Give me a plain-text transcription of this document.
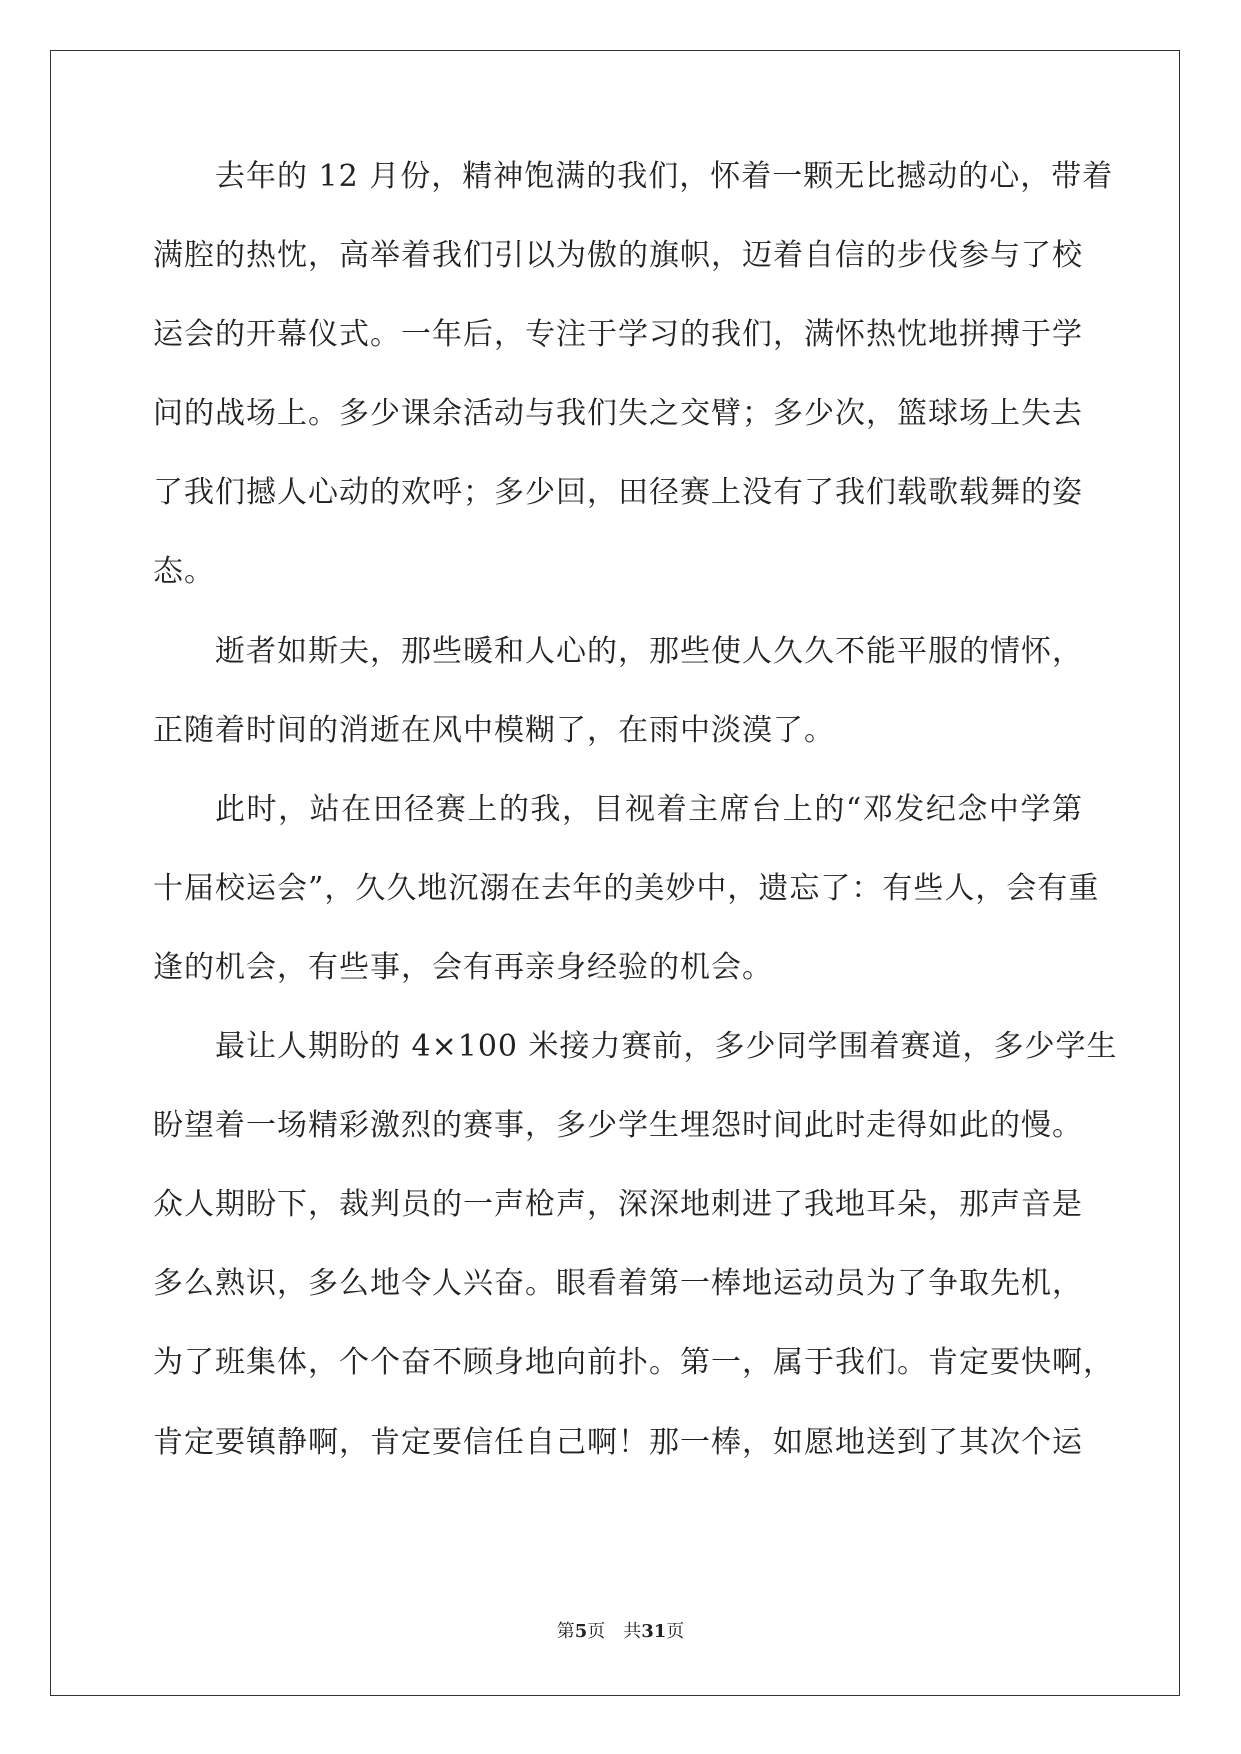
去年的 12 月份，精神饱满的我们，怀着一颗无比撼动的心，带着
满腔的热忱，高举着我们引以为傲的旗帜，迈着自信的步伐参与了校
运会的开幕仪式。一年后，专注于学习的我们，满怀热忱地拼搏于学
问的战场上。多少课余活动与我们失之交臂；多少次，篮球场上失去
了我们撼人心动的欢呼；多少回，田径赛上没有了我们载歌载舞的姿
态。
逝者如斯夫，那些暖和人心的，那些使人久久不能平服的情怀，
正随着时间的消逝在风中模糊了，在雨中淡漠了。
此时，站在田径赛上的我，目视着主席台上的“邓发纪念中学第
十届校运会”，久久地沉溺在去年的美妙中，遗忘了：有些人，会有重
逢的机会，有些事，会有再亲身经验的机会。
最让人期盼的 4×100 米接力赛前，多少同学围着赛道，多少学生
盼望着一场精彩激烈的赛事，多少学生埋怨时间此时走得如此的慢。
众人期盼下，裁判员的一声枪声，深深地刺进了我地耳朵，那声音是
多么熟识，多么地令人兴奋。眼看着第一棒地运动员为了争取先机，
为了班集体，个个奋不顾身地向前扑。第一，属于我们。肯定要快啊，
肯定要镇静啊，肯定要信任自己啊！那一棒，如愿地送到了其次个运
第5页 共31页
